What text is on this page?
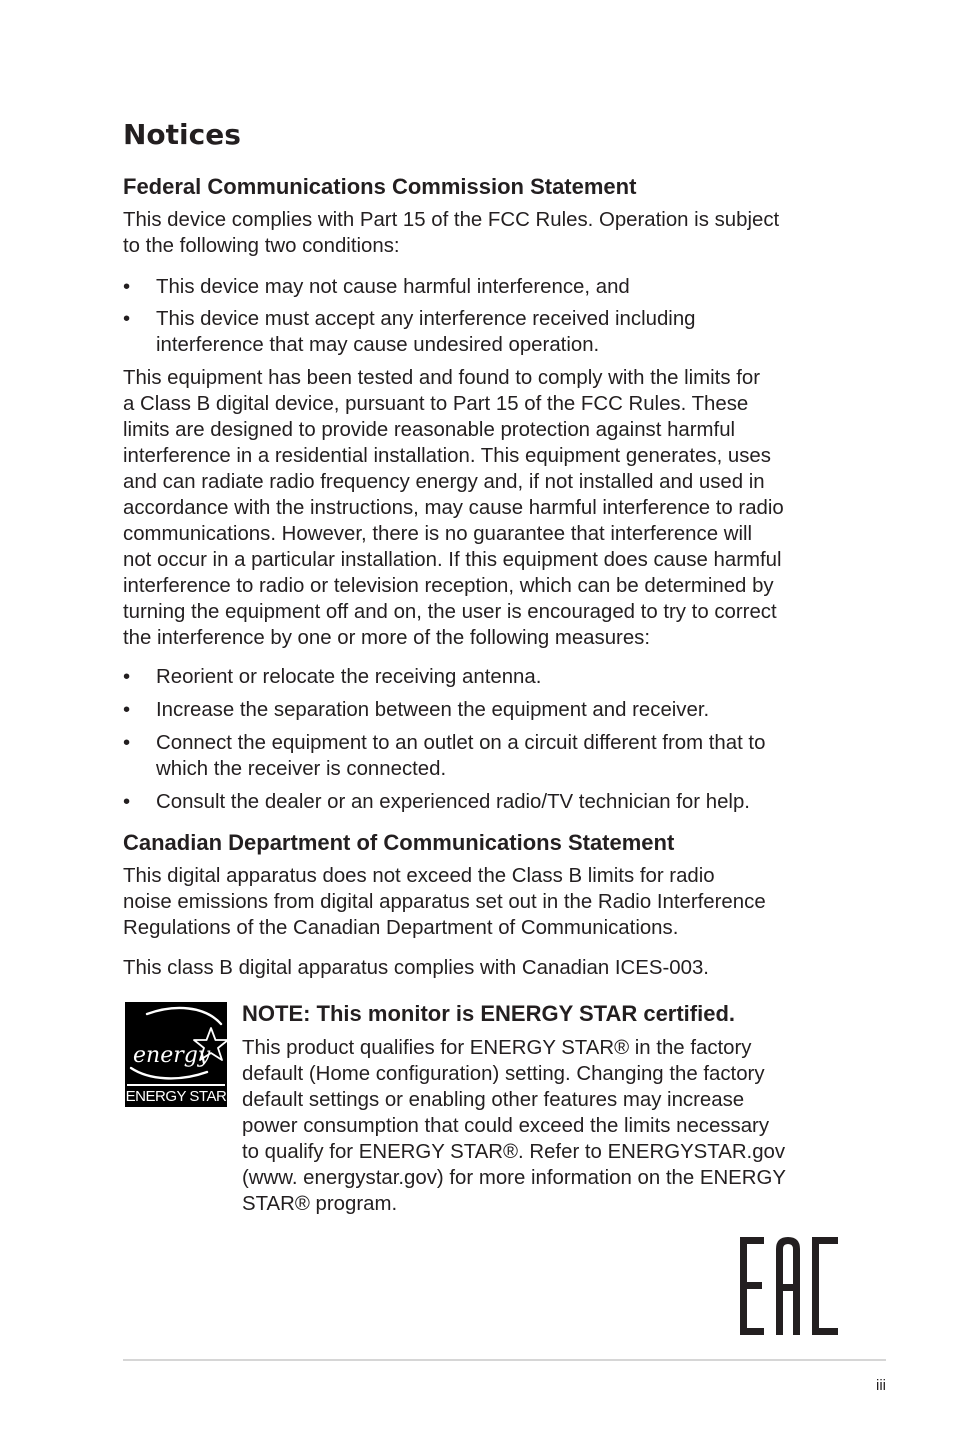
Notices
Federal Communications Commission Statement

This device complies with Part 15 of the FCC Rules. Operation is subject

to the following two conditions:

•	This device may not cause harmful interference, and
•	This device must accept any interference received including
interference that may cause undesired operation.

This equipment has been tested and found to comply with the limits for

a Class B digital device, pursuant to Part 15 of the FCC Rules. These

limits are designed to provide reasonable protection against harmful

interference in a residential installation. This equipment generates, uses

and can radiate radio frequency energy and, if not installed and used in

accordance with the instructions, may cause harmful interference to radio

communications. However, there is no guarantee that interference will

not occur in a particular installation. If this equipment does cause harmful

interference to radio or television reception, which can be determined by

turning the equipment off and on, the user is encouraged to try to correct

the interference by one or more of the following measures:

•	Reorient or relocate the receiving antenna.
•	Increase the separation between the equipment and receiver.
•	Connect the equipment to an outlet on a circuit different from that to
which the receiver is connected.
•	Consult the dealer or an experienced radio/TV technician for help.
Canadian Department of Communications Statement

This digital apparatus does not exceed the Class B limits for radio

noise emissions from digital apparatus set out in the Radio Interference

Regulations of the Canadian Department of Communications.

This class B digital apparatus complies with Canadian ICES-003.

energy
ENERGY STAR
NOTE: This monitor is ENERGY STAR certified.

This product qualifies for ENERGY STAR® in the factory

default (Home configuration) setting. Changing the factory

default settings or enabling other features may increase

power consumption that could exceed the limits necessary

to qualify for ENERGY STAR®. Refer to ENERGYSTAR.gov

(www. energystar.gov) for more information on the ENERGY

STAR® program.

iii
